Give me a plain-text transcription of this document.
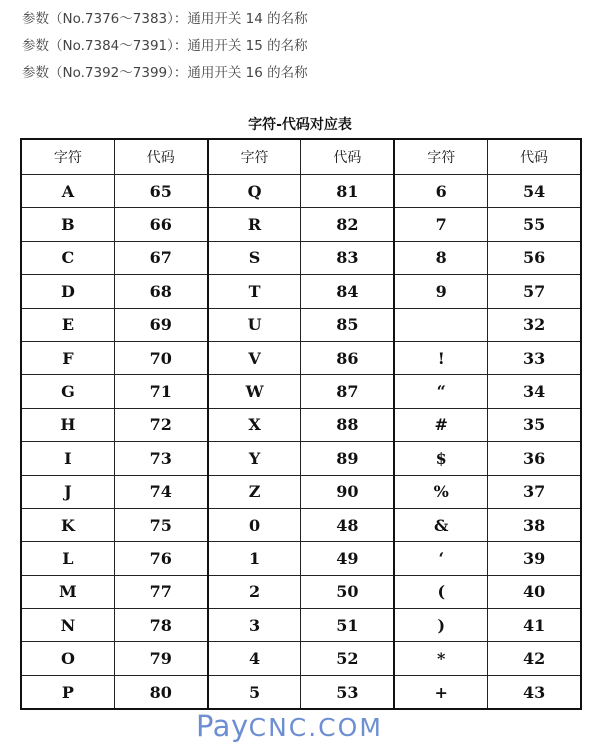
参数（No.7376～7383）：通用开关 14 的名称
参数（No.7384～7391）：通用开关 15 的名称
参数（No.7392～7399）：通用开关 16 的名称
字符-代码对应表
字符	代码	字符	代码	字符	代码
A	65	Q	81	6	54
B	66	R	82	7	55
C	67	S	83	8	56
D	68	T	84	9	57
E	69	U	85		32
F	70	V	86	!	33
G	71	W	87	“	34
H	72	X	88	#	35
I	73	Y	89	$	36
J	74	Z	90	%	37
K	75	0	48	&	38
L	76	1	49	‘	39
M	77	2	50	(	40
N	78	3	51	)	41
O	79	4	52	*	42
P	80	5	53	+	43
PayCNC.COM
